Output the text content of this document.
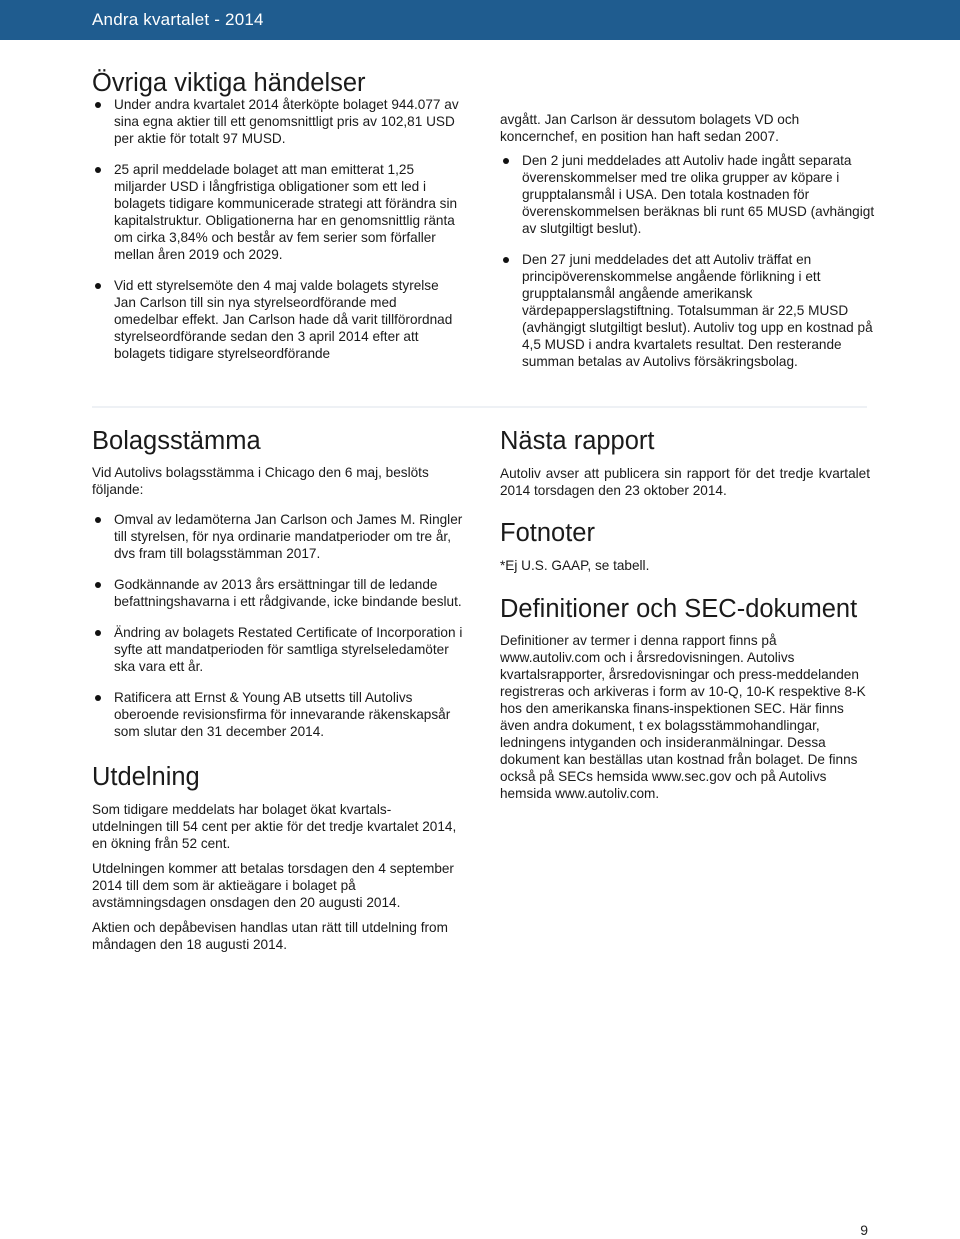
Andra kvartalet - 2014
Övriga viktiga händelser
Under andra kvartalet 2014 återköpte bolaget 944.077 av sina egna aktier till ett genomsnittligt pris av 102,81 USD per aktie för totalt 97 MUSD.
25 april meddelade bolaget att man emitterat 1,25 miljarder USD i långfristiga obligationer som ett led i bolagets tidigare kommunicerade strategi att förändra sin kapitalstruktur. Obligationerna har en genomsnittlig ränta om cirka 3,84% och består av fem serier som förfaller mellan åren 2019 och 2029.
Vid ett styrelsemöte den 4 maj valde bolagets styrelse Jan Carlson till sin nya styrelseordförande med omedelbar effekt. Jan Carlson hade då varit tillförordnad styrelseordförande sedan den 3 april 2014 efter att bolagets tidigare styrelseordförande

avgått. Jan Carlson är dessutom bolagets VD och koncernchef, en position han haft sedan 2007.

Den 2 juni meddelades att Autoliv hade ingått separata överenskommelser med tre olika grupper av köpare i grupptalansmål i USA. Den totala kostnaden för överenskommelsen beräknas bli runt 65 MUSD (avhängigt av slutgiltigt beslut).
Den 27 juni meddelades det att Autoliv träffat en principöverenskommelse angående förlikning i ett grupptalansmål angående amerikansk värdepapperslagstiftning. Totalsumman är 22,5 MUSD (avhängigt slutgiltigt beslut). Autoliv tog upp en kostnad på 4,5 MUSD i andra kvartalets resultat. Den resterande summan betalas av Autolivs försäkringsbolag.
Bolagsstämma

Vid Autolivs bolagsstämma i Chicago den 6 maj, beslöts följande:

Omval av ledamöterna Jan Carlson och James M. Ringler till styrelsen, för nya ordinarie mandatperioder om tre år, dvs fram till bolagsstämman 2017.
Godkännande av 2013 års ersättningar till de ledande befattningshavarna i ett rådgivande, icke bindande beslut.
Ändring av bolagets Restated Certificate of Incorporation i syfte att mandatperioden för samtliga styrelseledamöter ska vara ett år.
Ratificera att Ernst & Young AB utsetts till Autolivs oberoende revisionsfirma för innevarande räkenskapsår som slutar den 31 december 2014.
Utdelning

Som tidigare meddelats har bolaget ökat kvartals-utdelningen till 54 cent per aktie för det tredje kvartalet 2014, en ökning från 52 cent.

Utdelningen kommer att betalas torsdagen den 4 september 2014 till dem som är aktieägare i bolaget på avstämningsdagen onsdagen den 20 augusti 2014.

Aktien och depåbevisen handlas utan rätt till utdelning from måndagen den 18 augusti 2014.

Nästa rapport

Autoliv avser att publicera sin rapport för det tredje kvartalet 2014 torsdagen den 23 oktober 2014.

Fotnoter

*Ej U.S. GAAP, se tabell.

Definitioner och SEC-dokument

Definitioner av termer i denna rapport finns på www.autoliv.com och i årsredovisningen. Autolivs kvartalsrapporter, årsredovisningar och press-meddelanden registreras och arkiveras i form av 10-Q, 10-K respektive 8-K hos den amerikanska finans-inspektionen SEC. Här finns även andra dokument, t ex bolagsstämmohandlingar, ledningens intyganden och insideranmälningar. Dessa dokument kan beställas utan kostnad från bolaget. De finns också på SECs hemsida www.sec.gov och på Autolivs hemsida www.autoliv.com.

9
